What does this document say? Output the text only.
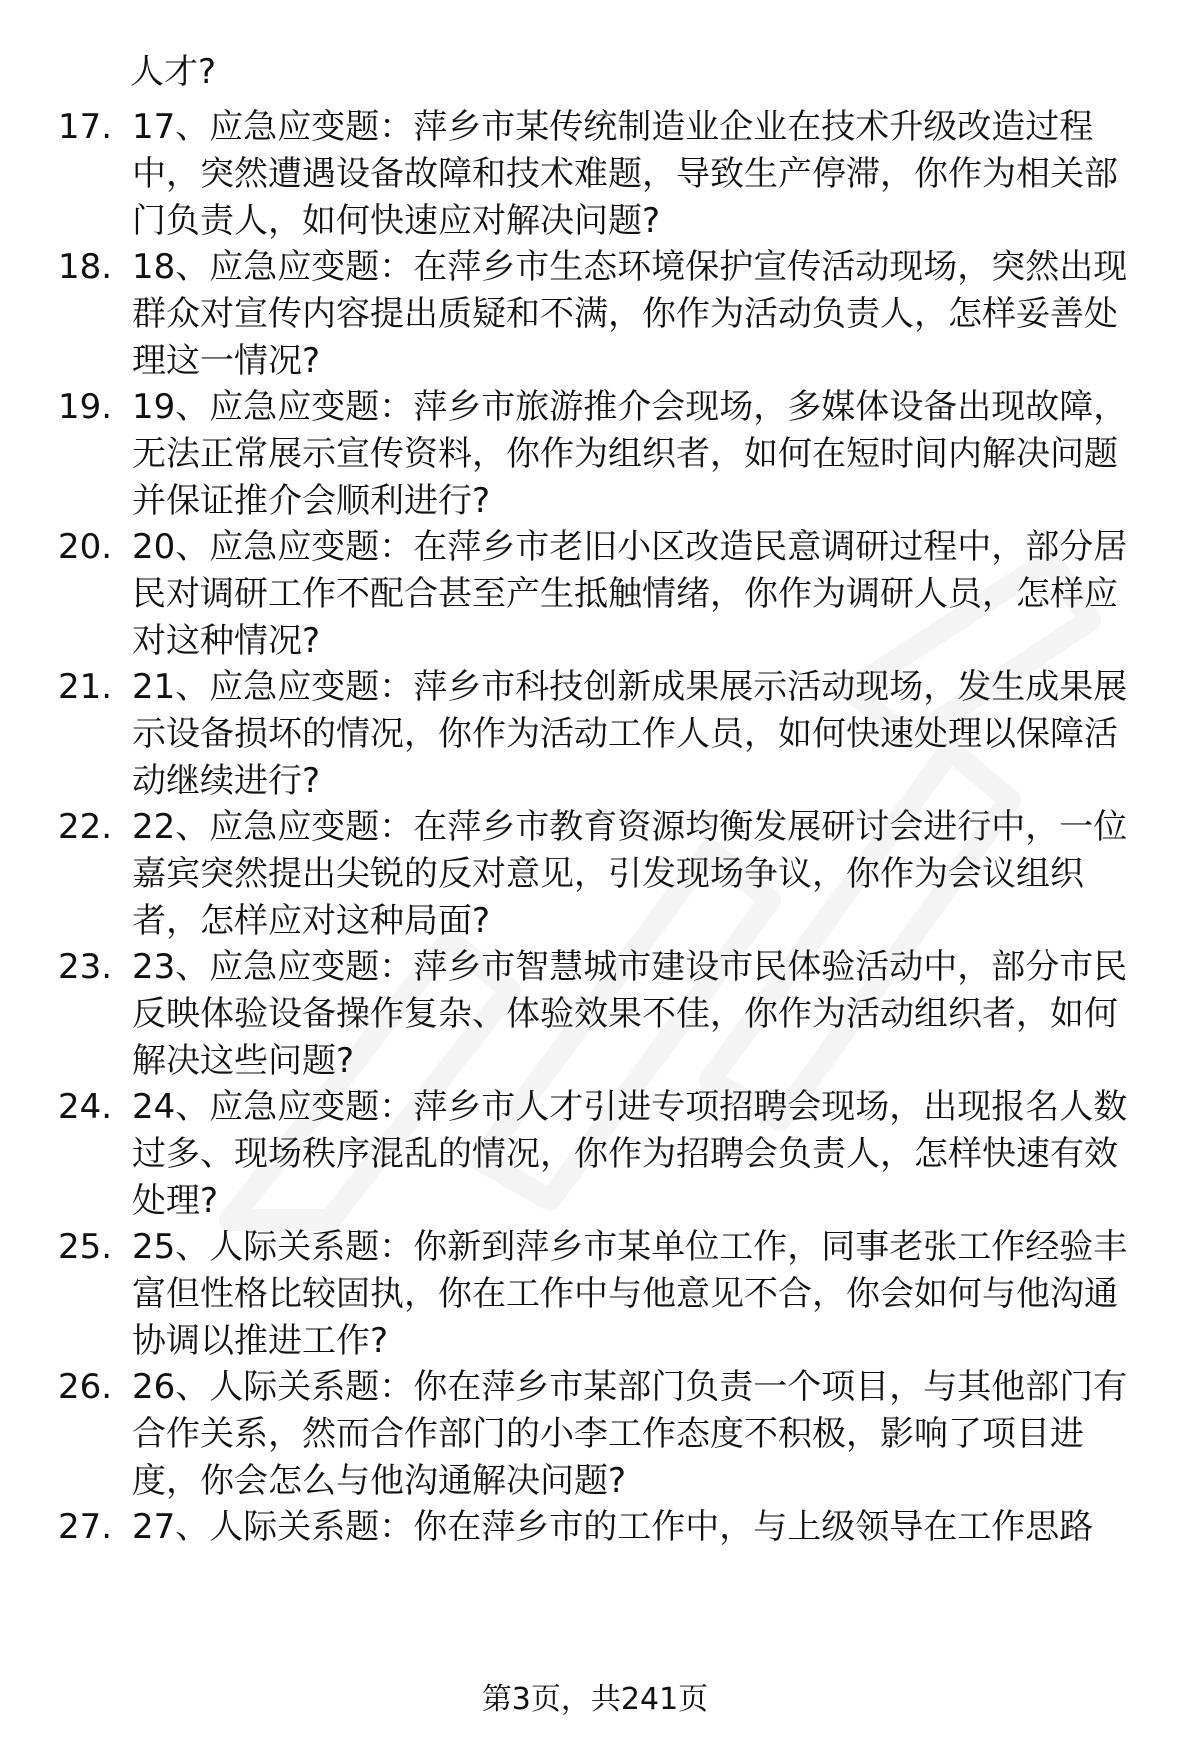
人才?
17. 17、应急应变题：萍乡市某传统制造业企业在技术升级改造过程中，突然遭遇设备故障和技术难题，导致生产停滞，你作为相关部门负责人，如何快速应对解决问题?
18. 18、应急应变题：在萍乡市生态环境保护宣传活动现场，突然出现群众对宣传内容提出质疑和不满，你作为活动负责人，怎样妥善处理这一情况?
19. 19、应急应变题：萍乡市旅游推介会现场，多媒体设备出现故障，无法正常展示宣传资料，你作为组织者，如何在短时间内解决问题并保证推介会顺利进行?
20. 20、应急应变题：在萍乡市老旧小区改造民意调研过程中，部分居民对调研工作不配合甚至产生抵触情绪，你作为调研人员，怎样应对这种情况?
21. 21、应急应变题：萍乡市科技创新成果展示活动现场，发生成果展示设备损坏的情况，你作为活动工作人员，如何快速处理以保障活动继续进行?
22. 22、应急应变题：在萍乡市教育资源均衡发展研讨会进行中，一位嘉宾突然提出尖锐的反对意见，引发现场争议，你作为会议组织者，怎样应对这种局面?
23. 23、应急应变题：萍乡市智慧城市建设市民体验活动中，部分市民反映体验设备操作复杂、体验效果不佳，你作为活动组织者，如何解决这些问题?
24. 24、应急应变题：萍乡市人才引进专项招聘会现场，出现报名人数过多、现场秩序混乱的情况，你作为招聘会负责人，怎样快速有效处理?
25. 25、人际关系题：你新到萍乡市某单位工作，同事老张工作经验丰富但性格比较固执，你在工作中与他意见不合，你会如何与他沟通协调以推进工作?
26. 26、人际关系题：你在萍乡市某部门负责一个项目，与其他部门有合作关系，然而合作部门的小李工作态度不积极，影响了项目进度，你会怎么与他沟通解决问题?
27. 27、人际关系题：你在萍乡市的工作中，与上级领导在工作思路
第3页，共241页
